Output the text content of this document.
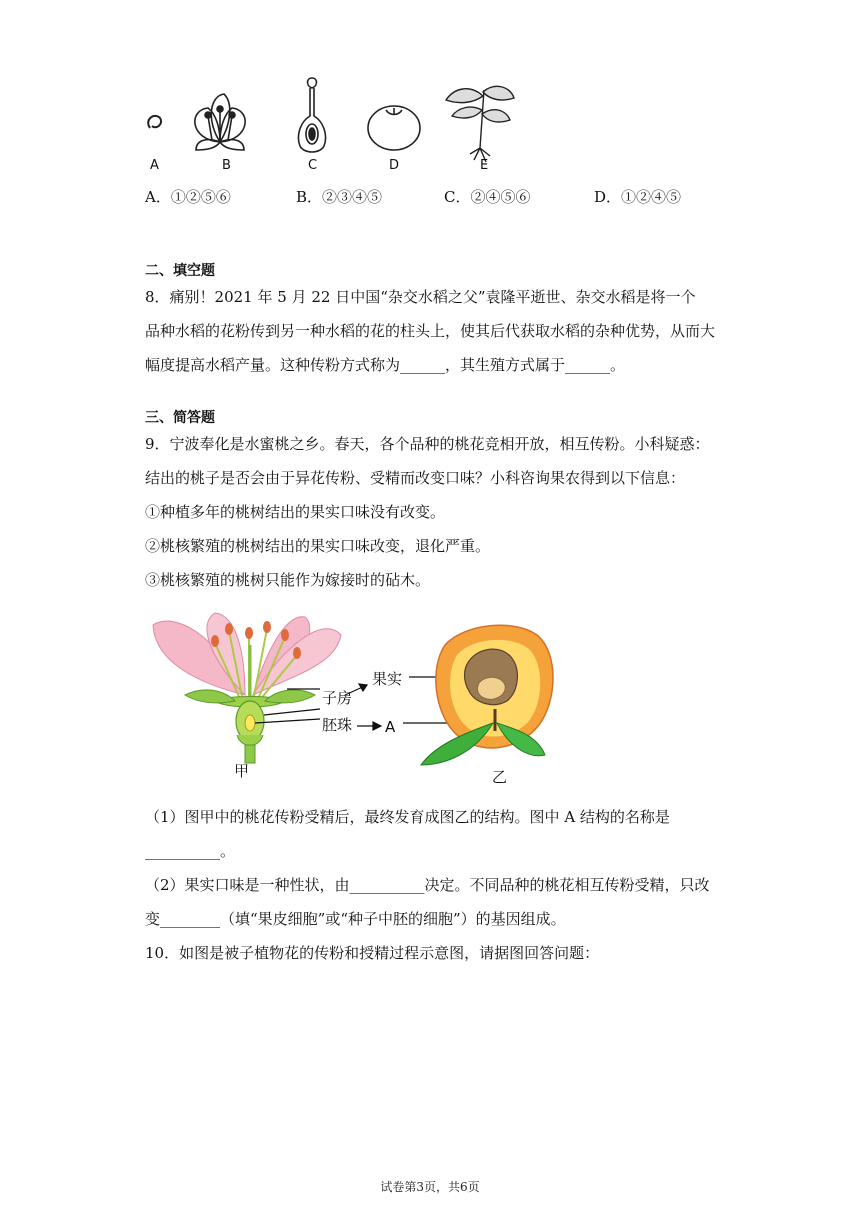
A	B	C	D	E
A．①②⑤⑥	B．②③④⑤	C．②④⑤⑥	D．①②④⑤
二、填空题
8．痛别！2021 年 5 月 22 日中国“杂交水稻之父”袁隆平逝世、杂交水稻是将一个
品种水稻的花粉传到另一种水稻的花的柱头上，使其后代获取水稻的杂种优势，从而大
幅度提高水稻产量。这种传粉方式称为______，其生殖方式属于______。
三、简答题
9．宁波奉化是水蜜桃之乡。春天，各个品种的桃花竞相开放，相互传粉。小科疑惑：
结出的桃子是否会由于异花传粉、受精而改变口味？小科咨询果农得到以下信息：
①种植多年的桃树结出的果实口味没有改变。
②桃核繁殖的桃树结出的果实口味改变，退化严重。
③桃核繁殖的桃树只能作为嫁接时的砧木。
子房
胚珠
果实
A
甲	乙
（1）图甲中的桃花传粉受精后，最终发育成图乙的结构。图中 A 结构的名称是
__________。
（2）果实口味是一种性状，由__________决定。不同品种的桃花相互传粉受精，只改
变________（填“果皮细胞”或“种子中胚的细胞”）的基因组成。
10．如图是被子植物花的传粉和授精过程示意图，请据图回答问题：
试卷第3页，共6页
